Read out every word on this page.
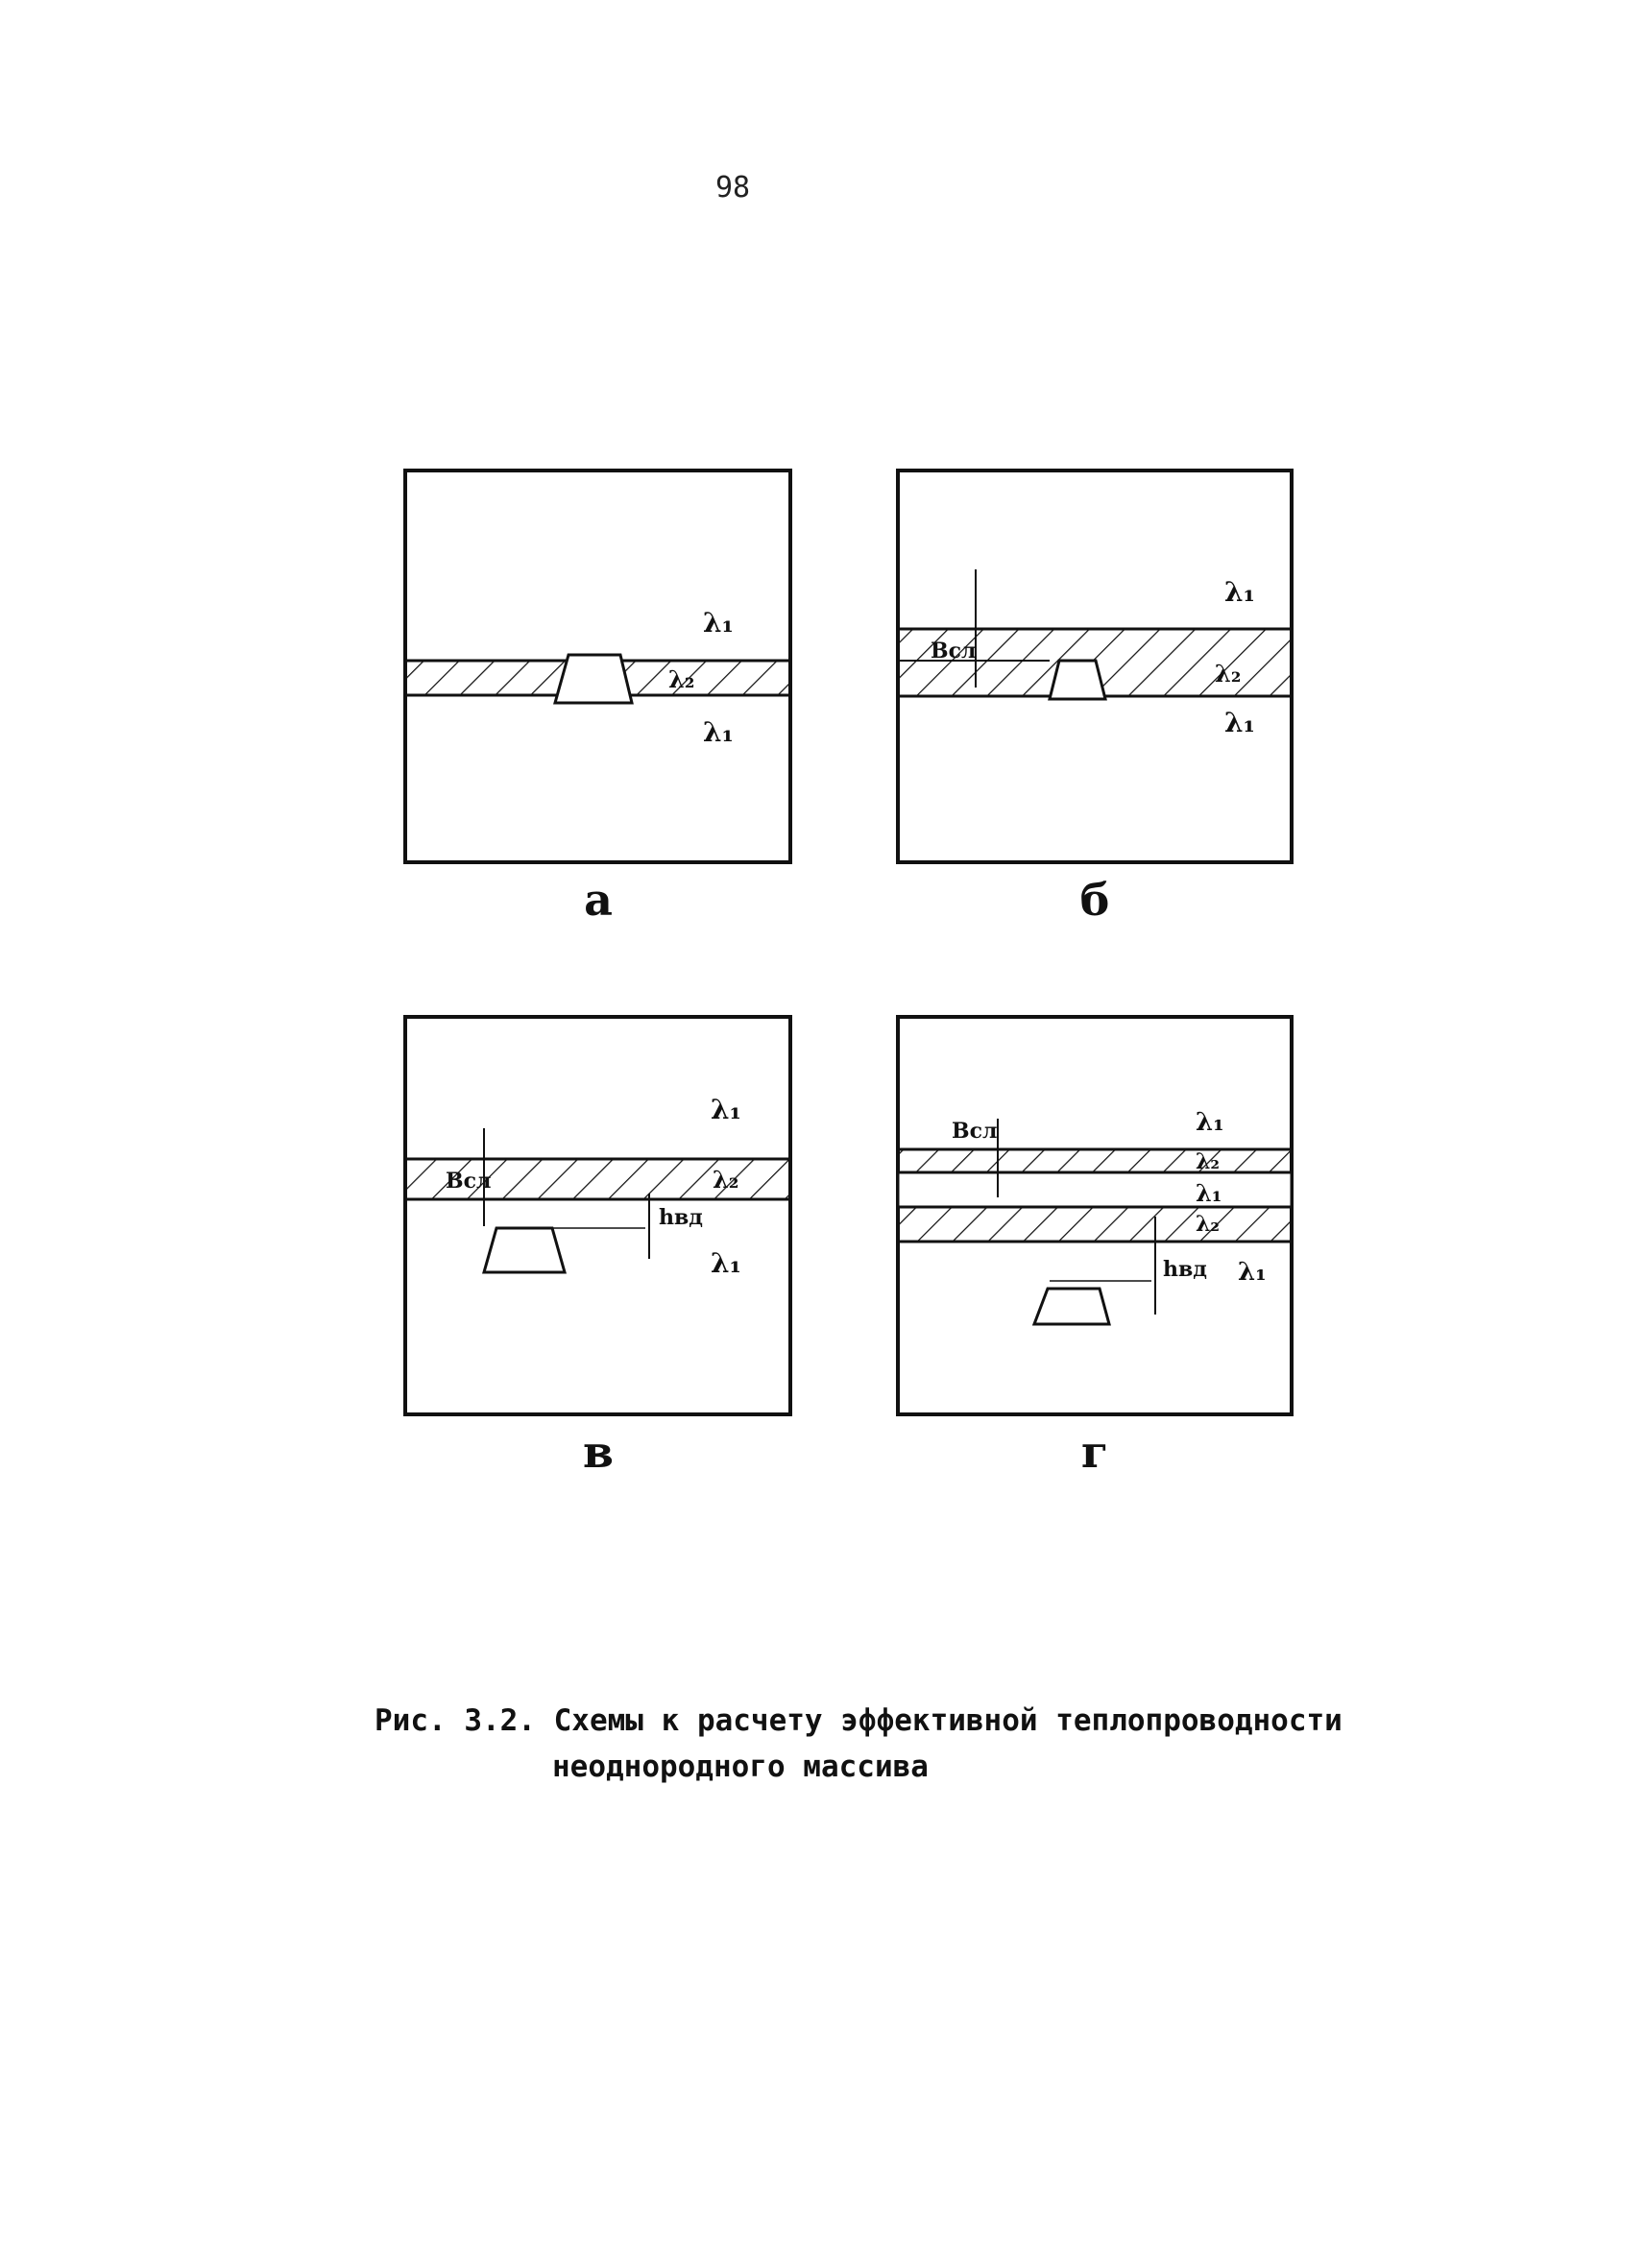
98
λ₁
λ₂
λ₁
а
Всл
λ₁
λ₂
λ₁
б
Всл
hвд
λ₁
λ₂
λ₁
в
Всл
hвд
λ₁
λ₂
λ₁
λ₂
λ₁
г
Рис. 3.2. Схемы к расчету эффективной теплопроводности
неоднородного массива
